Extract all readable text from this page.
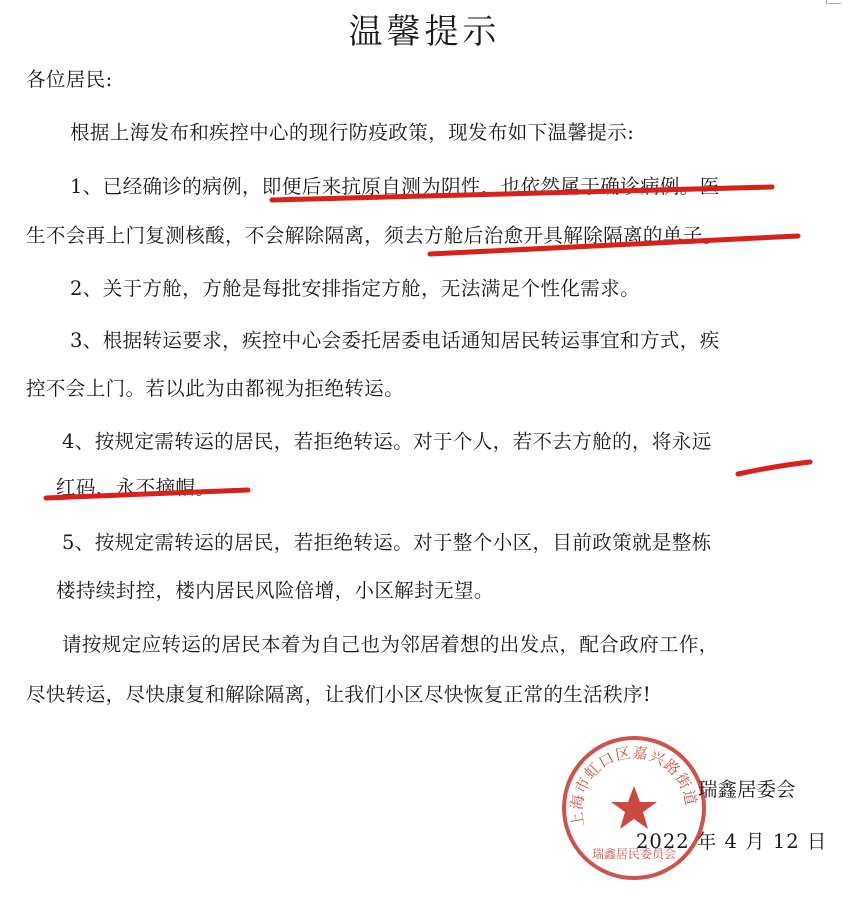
温馨提示
各位居民:
根据上海发布和疾控中心的现行防疫政策，现发布如下温馨提示:
1、已经确诊的病例，即便后来抗原自测为阴性，也依然属于确诊病例。医
生不会再上门复测核酸，不会解除隔离，须去方舱后治愈开具解除隔离的单子。
2、关于方舱，方舱是每批安排指定方舱，无法满足个性化需求。
3、根据转运要求，疾控中心会委托居委电话通知居民转运事宜和方式，疾
控不会上门。若以此为由都视为拒绝转运。
4、按规定需转运的居民，若拒绝转运。对于个人，若不去方舱的，将永远
红码，永不摘帽。
5、按规定需转运的居民，若拒绝转运。对于整个小区，目前政策就是整栋
楼持续封控，楼内居民风险倍增，小区解封无望。
请按规定应转运的居民本着为自己也为邻居着想的出发点，配合政府工作，
尽快转运，尽快康复和解除隔离，让我们小区尽快恢复正常的生活秩序!
上海市虹口区嘉兴路街道
瑞鑫居民委员会
瑞鑫居委会
2022 年 4 月 12 日
